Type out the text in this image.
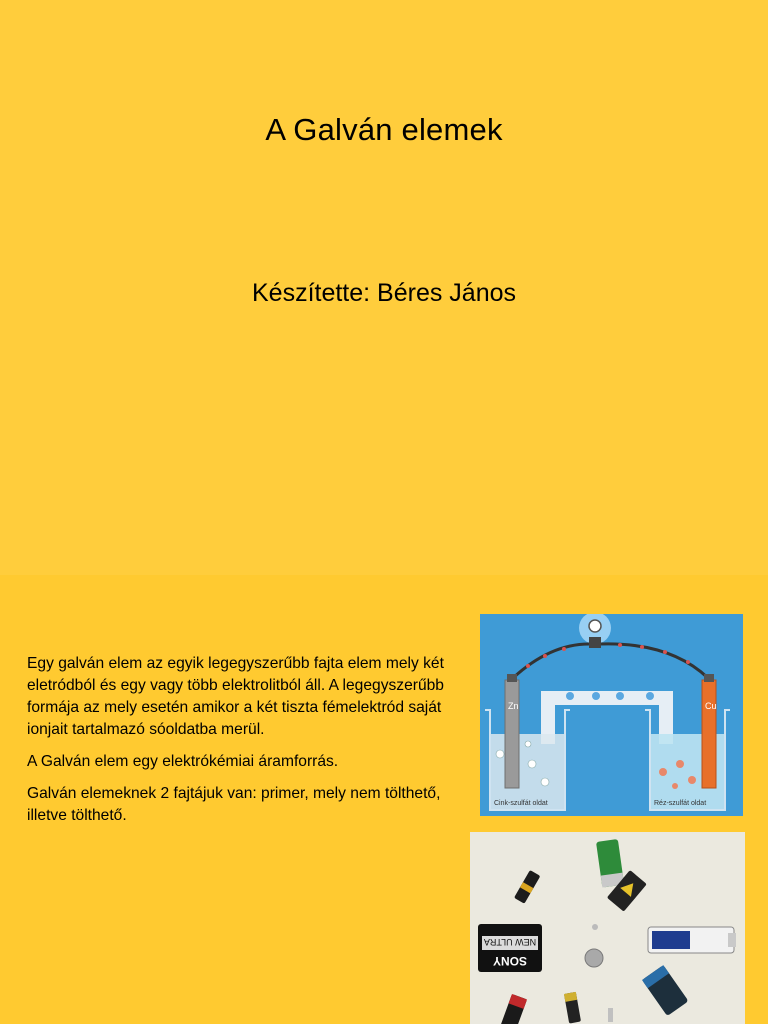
A Galván elemek
Készítette: Béres János

Egy galván elem az egyik legegyszerűbb fajta elem mely két eletródból és egy vagy több elektrolitból áll. A legegyszerűbb formája az mely esetén amikor a két tiszta fémelektród saját ionjait tartalmazó sóoldatba merül.

A Galván elem egy elektrókémiai áramforrás.

Galván elemeknek 2 fajtájuk van: primer, mely nem tölthető, illetve tölthető.

Zn	Cu
Cink-szulfát oldat	Réz-szulfát oldat
NEW ULTRA
SONY
